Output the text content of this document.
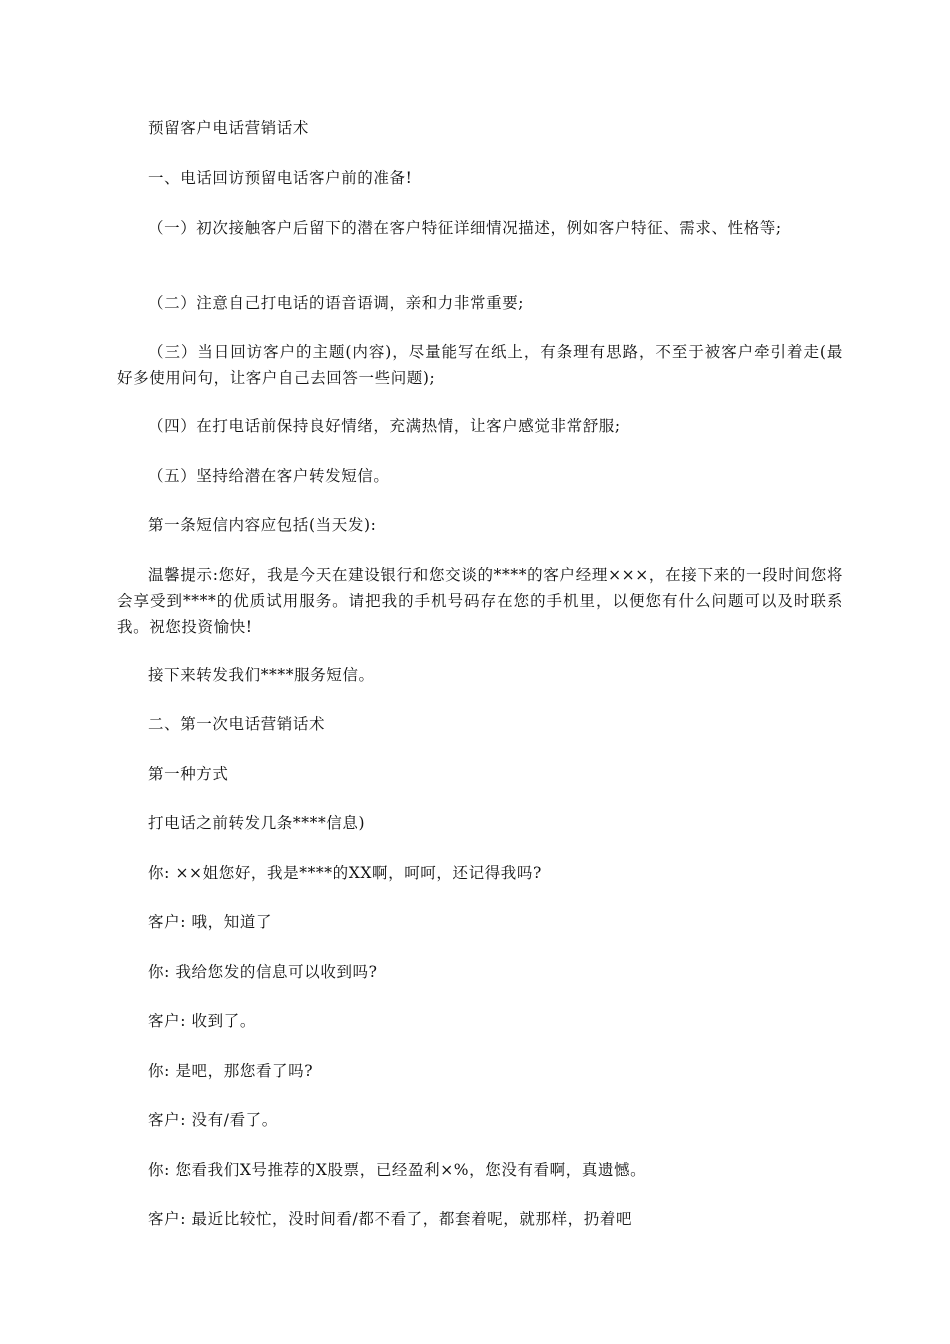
预留客户电话营销话术

一、电话回访预留电话客户前的准备!

（一）初次接触客户后留下的潜在客户特征详细情况描述，例如客户特征、需求、性格等;

（二）注意自己打电话的语音语调，亲和力非常重要;

（三）当日回访客户的主题(内容)，尽量能写在纸上，有条理有思路，不至于被客户牵引着走(最好多使用问句，让客户自己去回答一些问题);

（四）在打电话前保持良好情绪，充满热情，让客户感觉非常舒服;

（五）坚持给潜在客户转发短信。

第一条短信内容应包括(当天发):

温馨提示:您好，我是今天在建设银行和您交谈的****的客户经理×××，在接下来的一段时间您将会享受到****的优质试用服务。请把我的手机号码存在您的手机里，以便您有什么问题可以及时联系我。祝您投资愉快!

接下来转发我们****服务短信。

二、第一次电话营销话术

第一种方式

打电话之前转发几条****信息)

你: ××姐您好，我是****的XX啊，呵呵，还记得我吗?

客户: 哦，知道了

你: 我给您发的信息可以收到吗?

客户: 收到了。

你: 是吧，那您看了吗?

客户: 没有/看了。

你: 您看我们X号推荐的X股票，已经盈利×%，您没有看啊，真遗憾。

客户: 最近比较忙，没时间看/都不看了，都套着呢，就那样，扔着吧
